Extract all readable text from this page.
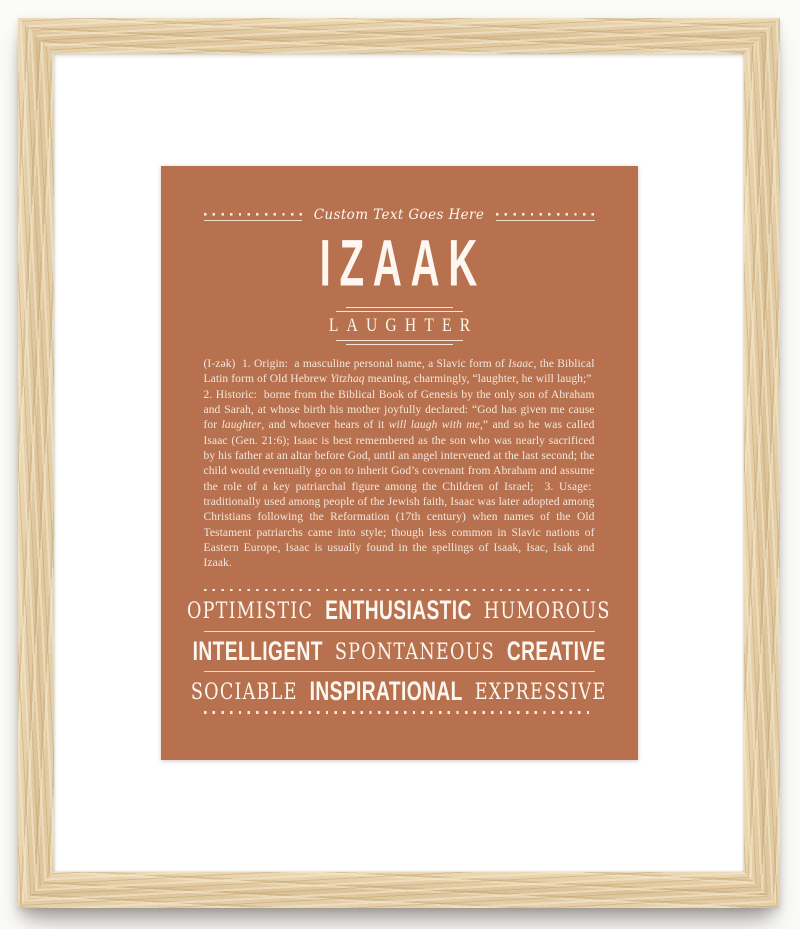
Custom Text Goes Here
IZAAK
LAUGHTER

(I-zək)  1. Origin:  a masculine personal name, a Slavic form of Isaac, the Biblical Latin form of Old Hebrew Yitzhaq meaning, charmingly, “laughter, he will laugh;”  2. Historic:  borne from the Biblical Book of Genesis by the only son of Abraham and Sarah, at whose birth his mother joyfully declared: “God has given me cause for laughter, and whoever hears of it will laugh with me,” and so he was called Isaac (Gen. 21:6); Isaac is best remembered as the son who was nearly sacrificed by his father at an altar before God, until an angel intervened at the last second; the child would eventually go on to inherit God’s covenant from Abraham and assume the role of a key patriarchal figure among the Children of Israel;  3. Usage:  traditionally used among people of the Jewish faith, Isaac was later adopted among Christians following the Reformation (17th century) when names of the Old Testament patriarchs came into style; though less common in Slavic nations of Eastern Europe, Isaac is usually found in the spellings of Isaak, Isac, Isak and Izaak.

OPTIMISTIC ENTHUSIASTIC HUMOROUS
INTELLIGENT SPONTANEOUS CREATIVE
SOCIABLE INSPIRATIONAL EXPRESSIVE
